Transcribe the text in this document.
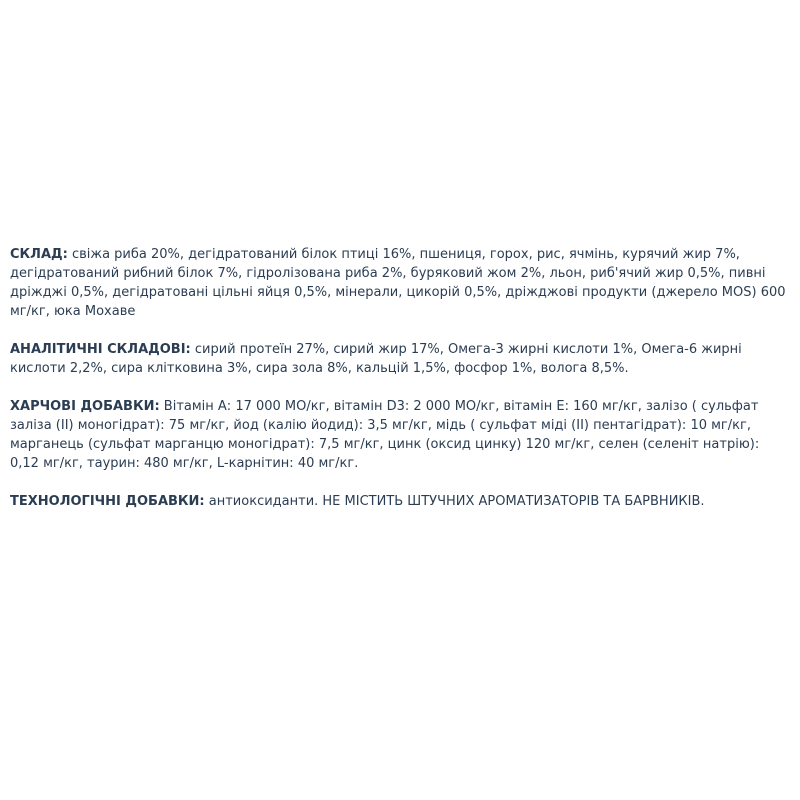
СКЛАД: свіжа риба 20%, дегідратований білок птиці 16%, пшениця, горох, рис, ячмінь, курячий жир 7%, дегідратований рибний білок 7%, гідролізована риба 2%, буряковий жом 2%, льон, риб'ячий жир 0,5%, пивні дріжджі 0,5%, дегідратовані цільні яйця 0,5%, мінерали, цикорій 0,5%, дріжджові продукти (джерело MOS) 600 мг/кг, юка Мохаве

АНАЛІТИЧНІ СКЛАДОВІ: сирий протеїн 27%, сирий жир 17%, Омега-3 жирні кислоти 1%, Омега-6 жирні кислоти 2,2%, сира клітковина 3%, сира зола 8%, кальцій 1,5%, фосфор 1%, волога 8,5%.

ХАРЧОВІ ДОБАВКИ: Вітамін А: 17 000 МО/кг, вітамін D3: 2 000 МО/кг, вітамін Е: 160 мг/кг, залізо ( сульфат заліза (II) моногідрат): 75 мг/кг, йод (калію йодид): 3,5 мг/кг, мідь ( сульфат міді (II) пентагідрат): 10 мг/кг, марганець (сульфат марганцю моногідрат): 7,5 мг/кг, цинк (оксид цинку) 120 мг/кг, селен (селеніт натрію): 0,12 мг/кг, таурин: 480 мг/кг, L-карнітин: 40 мг/кг.

ТЕХНОЛОГІЧНІ ДОБАВКИ: антиоксиданти. НЕ МІСТИТЬ ШТУЧНИХ АРОМАТИЗАТОРІВ ТА БАРВНИКІВ.
